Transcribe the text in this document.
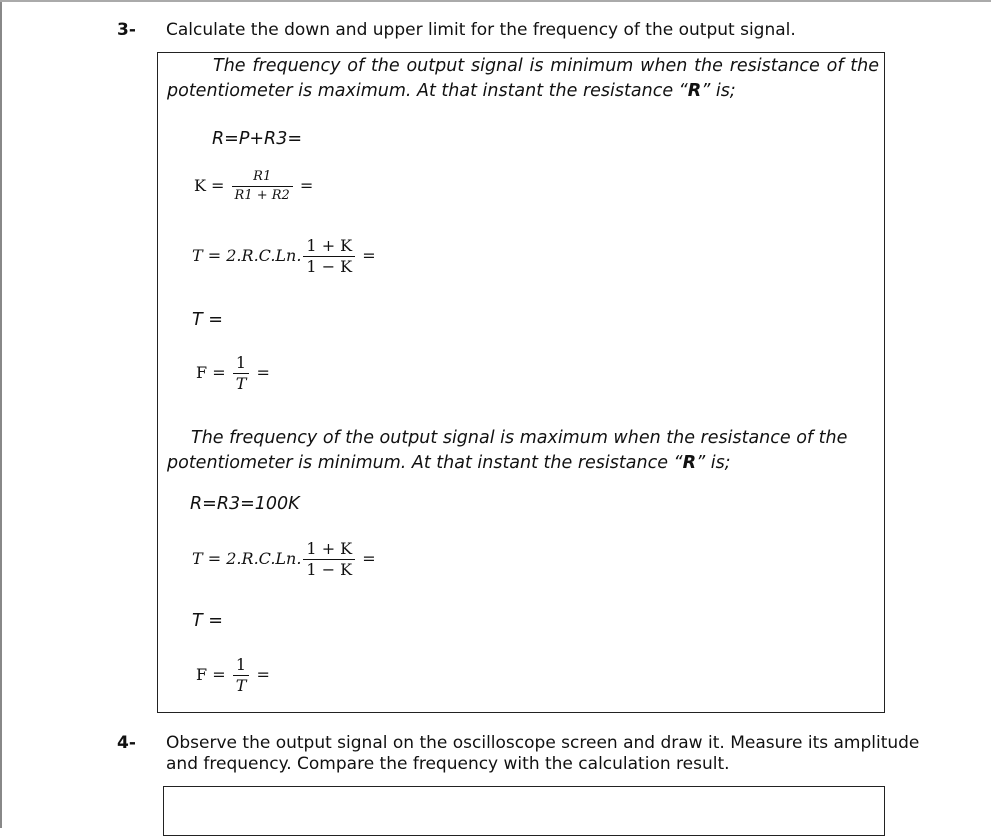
3- Calculate the down and upper limit for the frequency of the output signal.
The frequency of the output signal is minimum when the resistance of the
potentiometer is maximum. At that instant the resistance “R” is;
R=P+R3=
$K = \frac{R1}{R1 + R2}$ =
T = 2.R.C.Ln. $\frac{1 + K}{1 - K}$ =
T =
$F = \frac{1}{T}$ =
The frequency of the output signal is maximum when the resistance of the
potentiometer is minimum. At that instant the resistance “R” is;
R=R3=100K
T = 2.R.C.Ln. $\frac{1 + K}{1 - K}$ =
T =
$F = \frac{1}{T}$ =
4- Observe the output signal on the oscilloscope screen and draw it. Measure its amplitude
and frequency. Compare the frequency with the calculation result.
